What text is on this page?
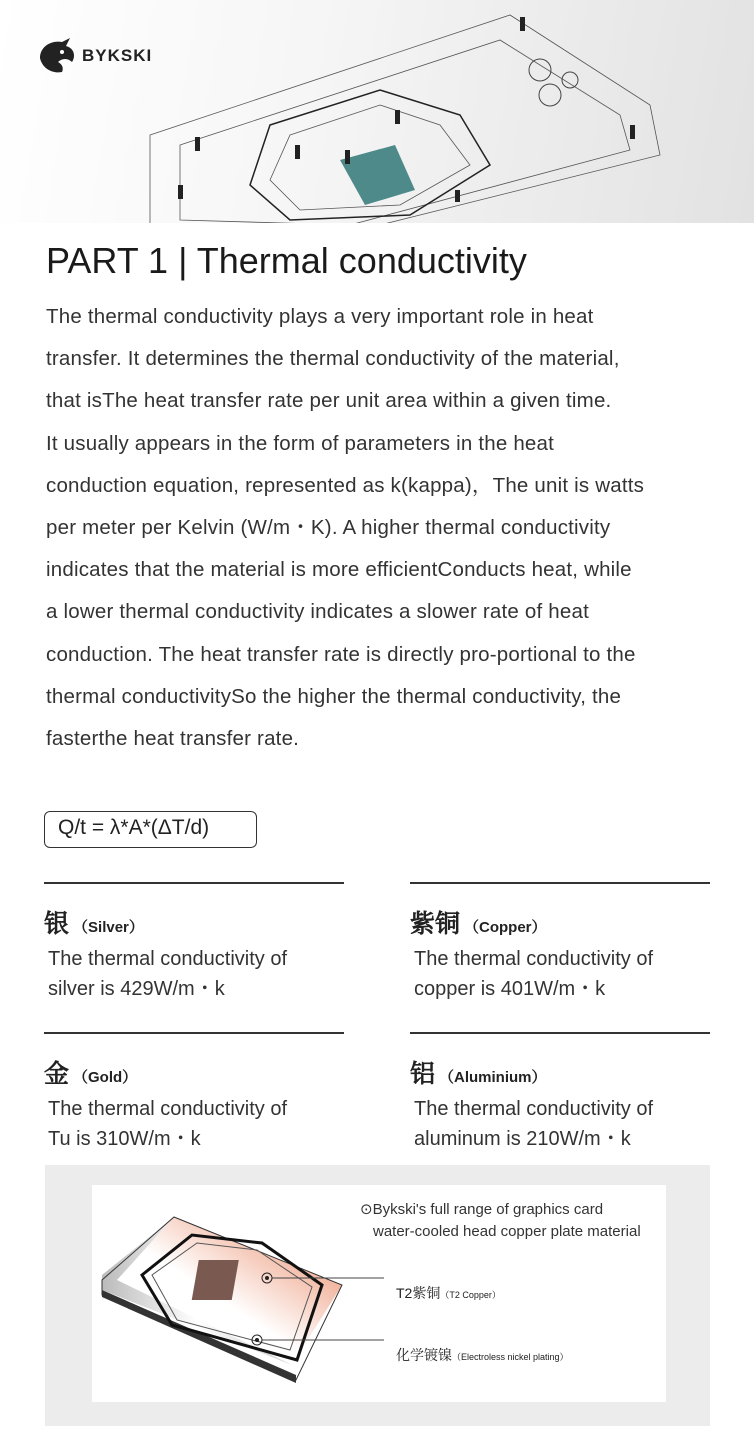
BYKSKI
PART 1 | Thermal conductivity
The thermal conductivity plays a very important role in heat
transfer. It determines the thermal conductivity of the material,
that isThe heat transfer rate per unit area within a given time.
It usually appears in the form of parameters in the heat
conduction equation, represented as k(kappa)，The unit is watts
per meter per Kelvin (W/m・K). A higher thermal conductivity
indicates that the material is more efficientConducts heat, while
a lower thermal conductivity indicates a slower rate of heat
conduction. The heat transfer rate is directly pro-portional to the
thermal conductivitySo the higher the thermal conductivity, the
fasterthe heat transfer rate.
Q/t = λ*A*(ΔT/d)
银 （Silver）
The thermal conductivity of
silver is 429W/m・k
紫铜 （Copper）
The thermal conductivity of
copper is 401W/m・k
金 （Gold）
The thermal conductivity of
Tu is 310W/m・k
铝 （Aluminium）
The thermal conductivity of
aluminum is 210W/m・k
⊙Bykski's full range of graphics card
water-cooled head copper plate material
T2紫铜（T2 Copper）
化学镀镍（Electroless nickel plating）
